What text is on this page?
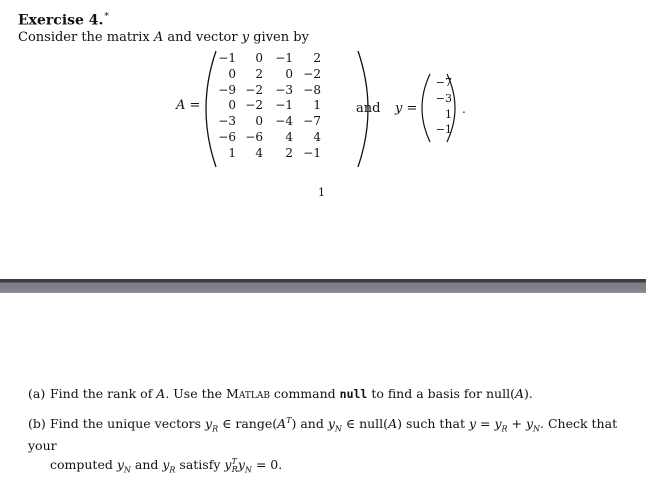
Exercise 4.*
Consider the matrix A and vector y given by
A =
−1	0	−1	2
0	2	0	−2
−9	−2	−3	−8
0	−2	−1	1
−3	0	−4	−7
−6	−6	4	4
1	4	2	−1
and y =
−7
−3
1
−1
.
1
(a) Find the rank of A. Use the Matlab command null to find a basis for null(A).
(b) Find the unique vectors $y_R$ ∈ $range(A^T)$ and $y_N$ ∈ null(A) such that $y = y_R + y_N$. Check that your
computed $y_N$ and $y_R$ satisfy $y^T_Ry_N = 0$.
